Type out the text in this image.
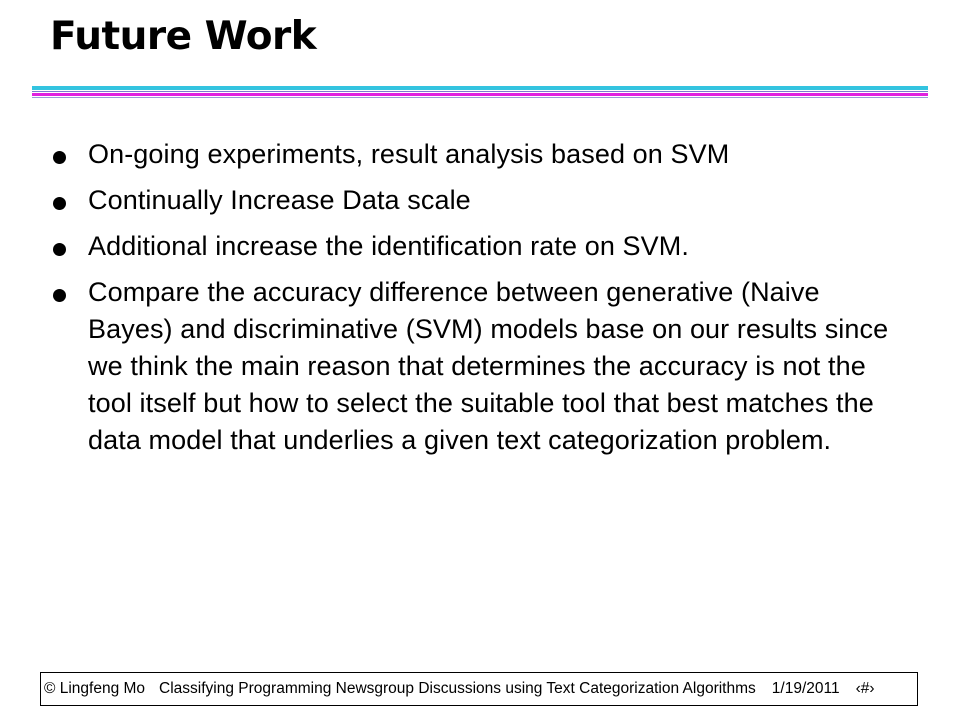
Future Work
On-going experiments, result analysis based on SVM
Continually Increase Data scale
Additional increase the identification rate on SVM.
Compare the accuracy difference between generative (Naive Bayes) and discriminative (SVM) models base on our results since we think the main reason that determines the accuracy is not the tool itself but how to select the suitable tool that best matches the data model that underlies a given text categorization problem.
© Lingfeng Mo Classifying Programming Newsgroup Discussions using Text Categorization Algorithms 1/19/2011 ‹#›
